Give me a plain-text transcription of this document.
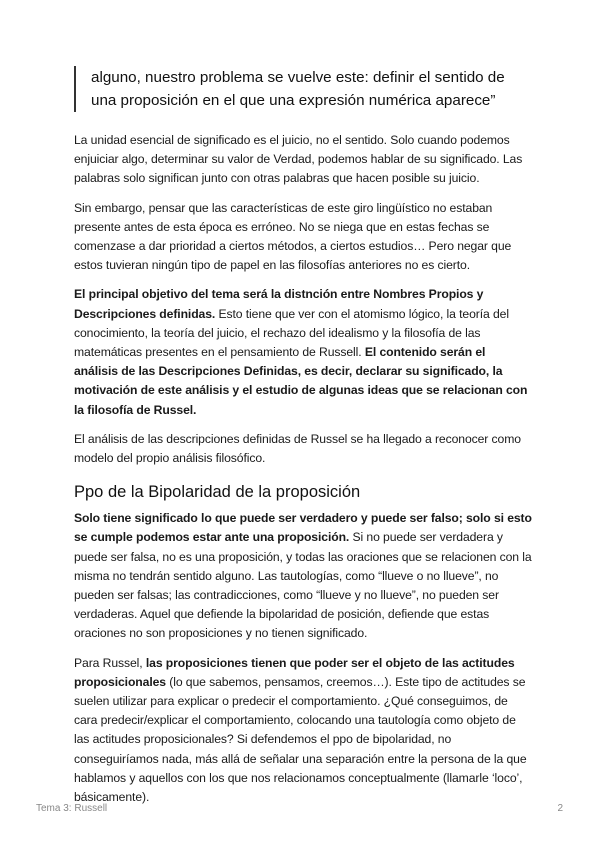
alguno, nuestro problema se vuelve este: definir el sentido de
una proposición en el que una expresión numérica aparece”

La unidad esencial de significado es el juicio, no el sentido. Solo cuando podemos enjuiciar algo, determinar su valor de Verdad, podemos hablar de su significado. Las palabras solo significan junto con otras palabras que hacen posible su juicio.

Sin embargo, pensar que las características de este giro lingüístico no estaban presente antes de esta época es erróneo. No se niega que en estas fechas se comenzase a dar prioridad a ciertos métodos, a ciertos estudios… Pero negar que estos tuvieran ningún tipo de papel en las filosofías anteriores no es cierto.

El principal objetivo del tema será la distnción entre Nombres Propios y Descripciones definidas. Esto tiene que ver con el atomismo lógico, la teoría del conocimiento, la teoría del juicio, el rechazo del idealismo y la filosofía de las matemáticas presentes en el pensamiento de Russell. El contenido serán el análisis de las Descripciones Definidas, es decir, declarar su significado, la motivación de este análisis y el estudio de algunas ideas que se relacionan con la filosofía de Russel.

El análisis de las descripciones definidas de Russel se ha llegado a reconocer como modelo del propio análisis filosófico.

Ppo de la Bipolaridad de la proposición

Solo tiene significado lo que puede ser verdadero y puede ser falso; solo si esto se cumple podemos estar ante una proposición. Si no puede ser verdadera y puede ser falsa, no es una proposición, y todas las oraciones que se relacionen con la misma no tendrán sentido alguno. Las tautologías, como “llueve o no llueve”, no pueden ser falsas; las contradicciones, como “llueve y no llueve”, no pueden ser verdaderas. Aquel que defiende la bipolaridad de posición, defiende que estas oraciones no son proposiciones y no tienen significado.

Para Russel, las proposiciones tienen que poder ser el objeto de las actitudes proposicionales (lo que sabemos, pensamos, creemos…). Este tipo de actitudes se suelen utilizar para explicar o predecir el comportamiento. ¿Qué conseguimos, de cara predecir/explicar el comportamiento, colocando una tautología como objeto de las actitudes proposicionales? Si defendemos el ppo de bipolaridad, no conseguiríamos nada, más allá de señalar una separación entre la persona de la que hablamos y aquellos con los que nos relacionamos conceptualmente (llamarle ‘loco’, básicamente).

Tema 3: Russell	2
